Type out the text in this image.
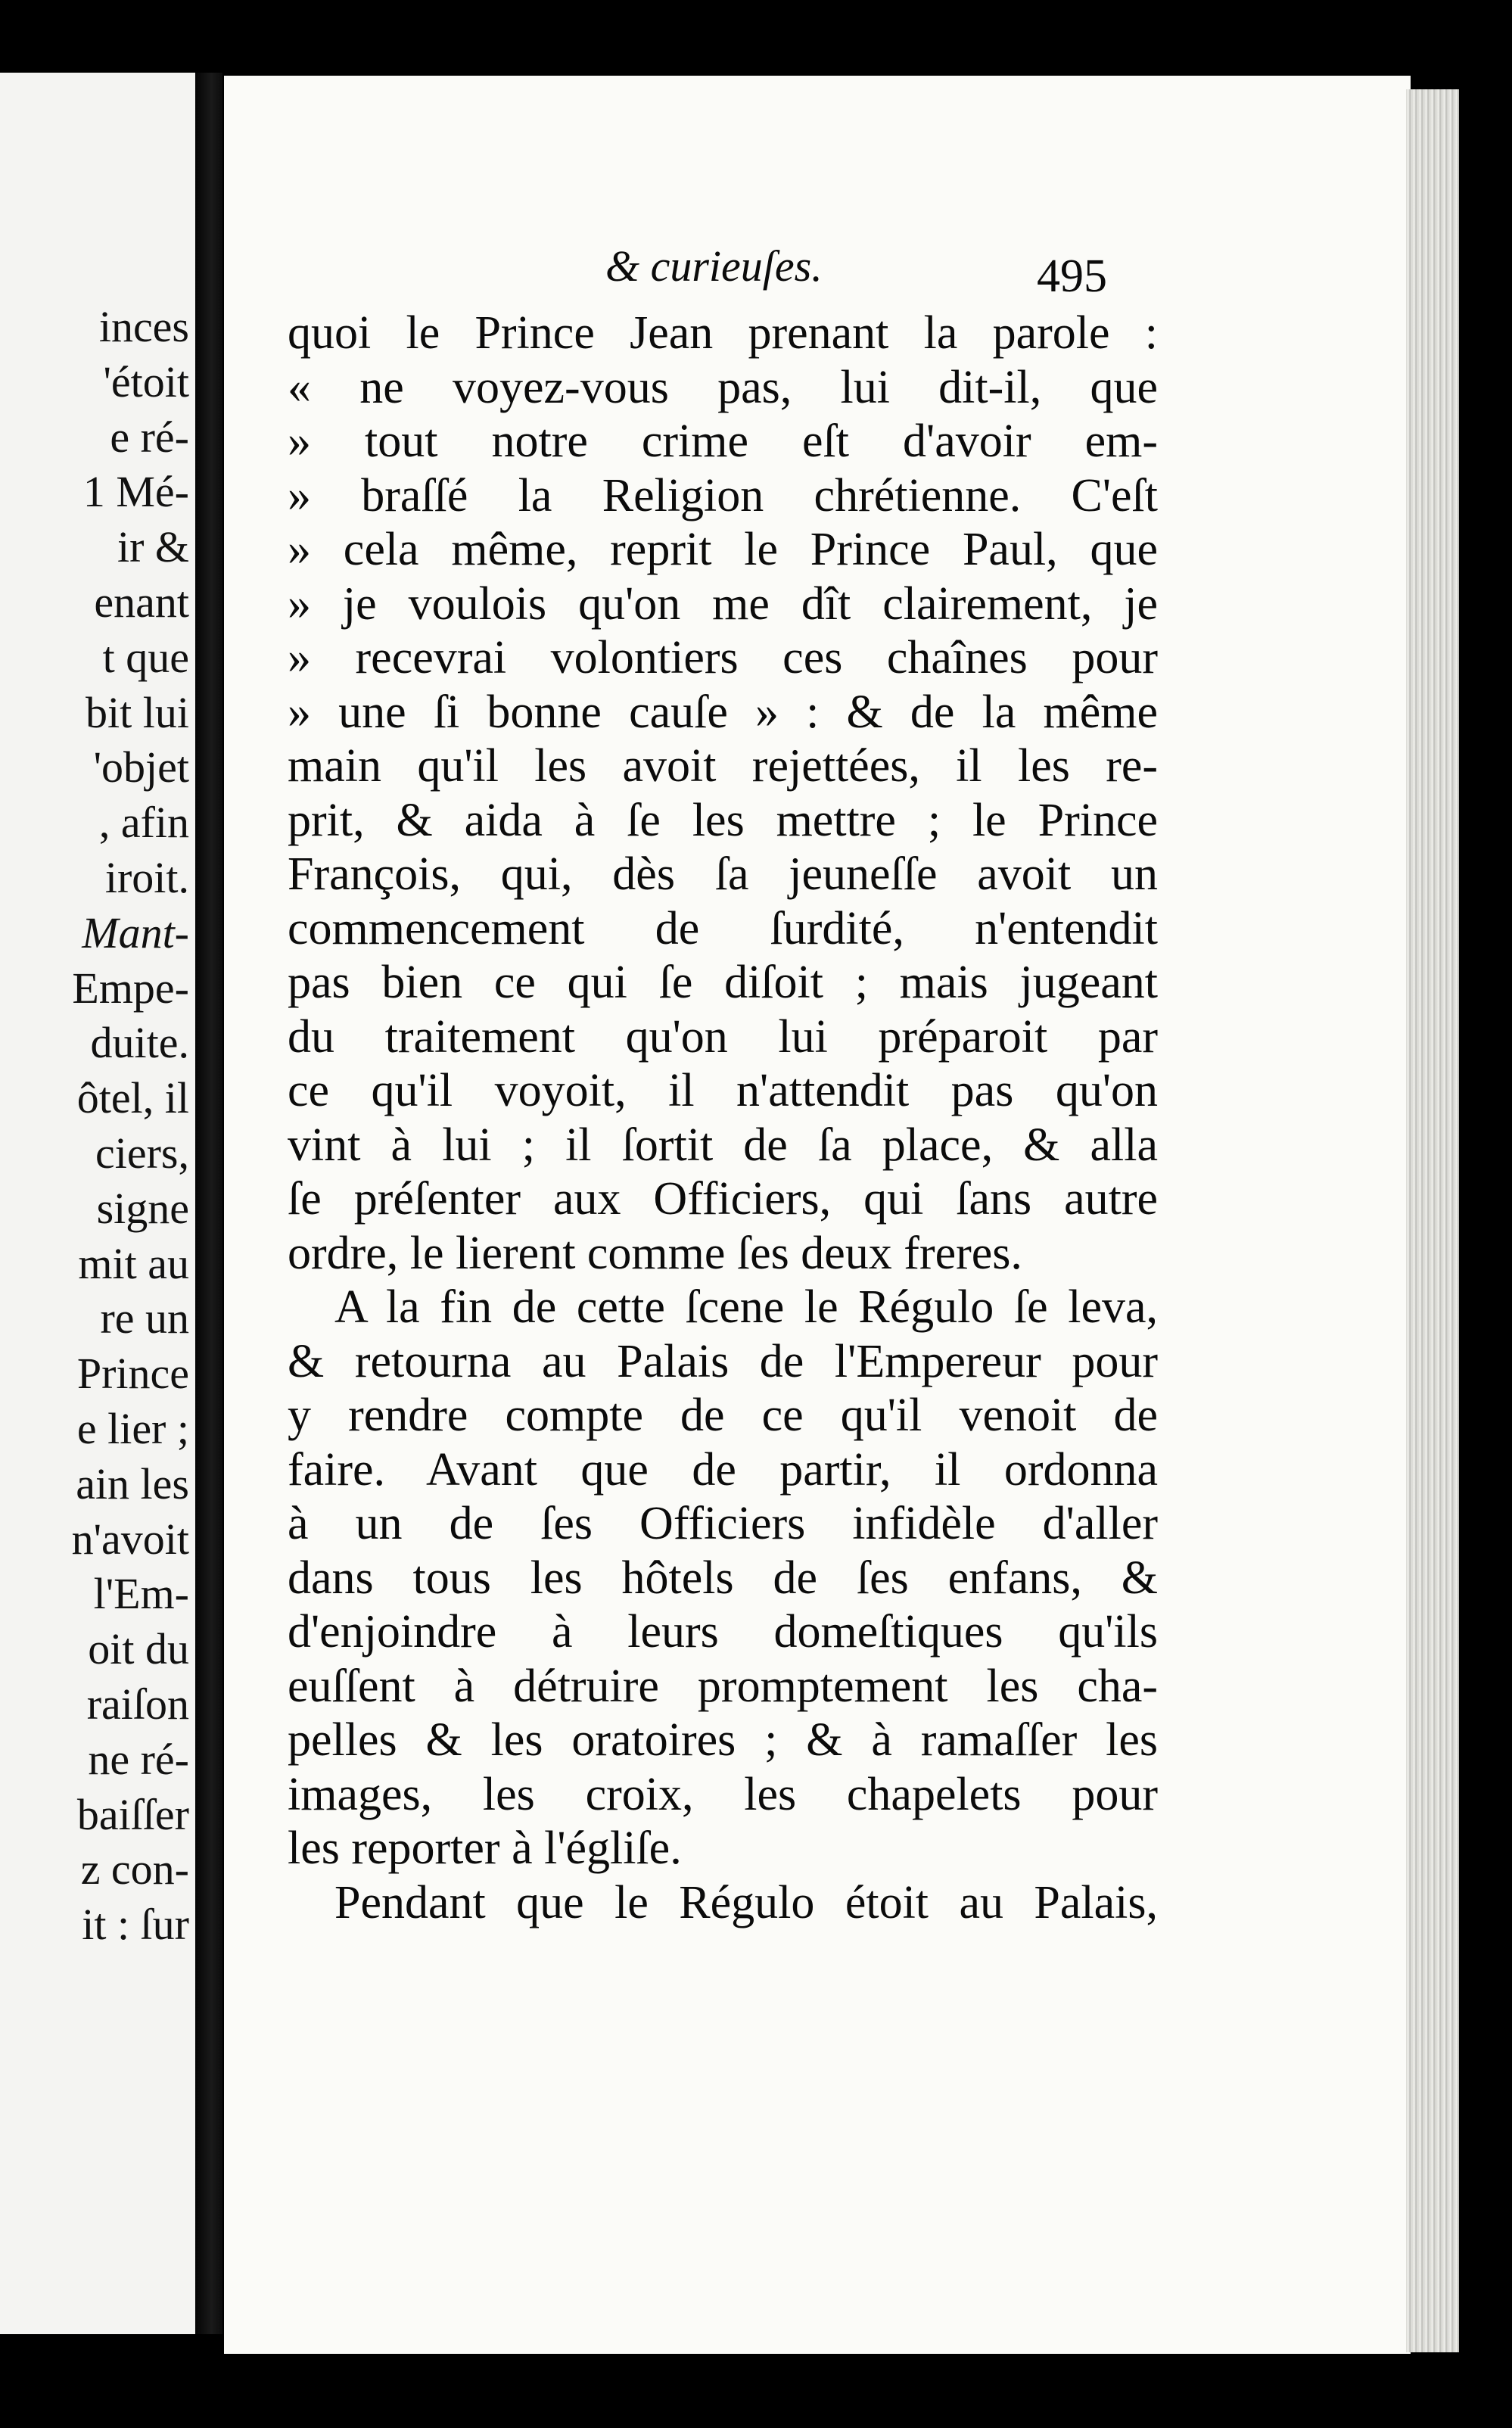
inces
'étoit
e ré-
1 Mé-
ir &
enant
t que
bit lui
'objet
, afin
iroit.
Mant-
Empe-
duite.
ôtel, il
ciers,
signe
mit au
re un
Prince
e lier ;
ain les
n'avoit
l'Em-
oit du
raiſon
ne ré-
baiſſer
z con-
it : ſur
& curieuſes.	495
quoi le Prince Jean prenant la parole :
« ne voyez-vous pas, lui dit-il, que
» tout notre crime eſt d'avoir em-
» braſſé la Religion chrétienne. C'eſt
» cela même, reprit le Prince Paul, que
» je voulois qu'on me dît clairement, je
» recevrai volontiers ces chaînes pour
» une ſi bonne cauſe » : & de la même
main qu'il les avoit rejettées, il les re-
prit, & aida à ſe les mettre ; le Prince
François, qui, dès ſa jeuneſſe avoit un
commencement de ſurdité, n'entendit
pas bien ce qui ſe diſoit ; mais jugeant
du traitement qu'on lui préparoit par
ce qu'il voyoit, il n'attendit pas qu'on
vint à lui ; il ſortit de ſa place, & alla
ſe préſenter aux Officiers, qui ſans autre
ordre, le lierent comme ſes deux freres.
A la fin de cette ſcene le Régulo ſe leva,
& retourna au Palais de l'Empereur pour
y rendre compte de ce qu'il venoit de
faire. Avant que de partir, il ordonna
à un de ſes Officiers infidèle d'aller
dans tous les hôtels de ſes enfans, &
d'enjoindre à leurs domeſtiques qu'ils
euſſent à détruire promptement les cha-
pelles & les oratoires ; & à ramaſſer les
images, les croix, les chapelets pour
les reporter à l'égliſe.
Pendant que le Régulo étoit au Palais,
